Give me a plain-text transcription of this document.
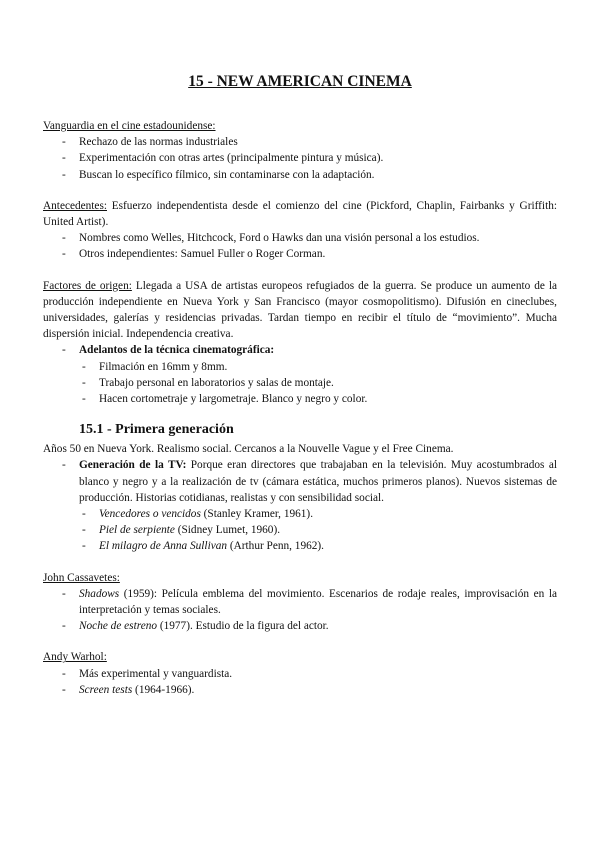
15 - NEW AMERICAN CINEMA
Vanguardia en el cine estadounidense:
- Rechazo de las normas industriales
- Experimentación con otras artes (principalmente pintura y música).
- Buscan lo específico fílmico, sin contaminarse con la adaptación.
Antecedentes: Esfuerzo independentista desde el comienzo del cine (Pickford, Chaplin, Fairbanks y Griffith: United Artist).
- Nombres como Welles, Hitchcock, Ford o Hawks dan una visión personal a los estudios.
- Otros independientes: Samuel Fuller o Roger Corman.
Factores de origen: Llegada a USA de artistas europeos refugiados de la guerra. Se produce un aumento de la producción independiente en Nueva York y San Francisco (mayor cosmopolitismo). Difusión en cineclubes, universidades, galerías y residencias privadas. Tardan tiempo en recibir el título de “movimiento”. Mucha dispersión inicial. Independencia creativa.
- Adelantos de la técnica cinematográfica:
- Filmación en 16mm y 8mm.
- Trabajo personal en laboratorios y salas de montaje.
- Hacen cortometraje y largometraje. Blanco y negro y color.
15.1 - Primera generación
Años 50 en Nueva York. Realismo social. Cercanos a la Nouvelle Vague y el Free Cinema.
- Generación de la TV: Porque eran directores que trabajaban en la televisión. Muy acostumbrados al blanco y negro y a la realización de tv (cámara estática, muchos primeros planos). Nuevos sistemas de producción. Historias cotidianas, realistas y con sensibilidad social.
- Vencedores o vencidos (Stanley Kramer, 1961).
- Piel de serpiente (Sidney Lumet, 1960).
- El milagro de Anna Sullivan (Arthur Penn, 1962).
John Cassavetes:
- Shadows (1959): Película emblema del movimiento. Escenarios de rodaje reales, improvisación en la interpretación y temas sociales.
- Noche de estreno (1977). Estudio de la figura del actor.
Andy Warhol:
- Más experimental y vanguardista.
- Screen tests (1964-1966).
